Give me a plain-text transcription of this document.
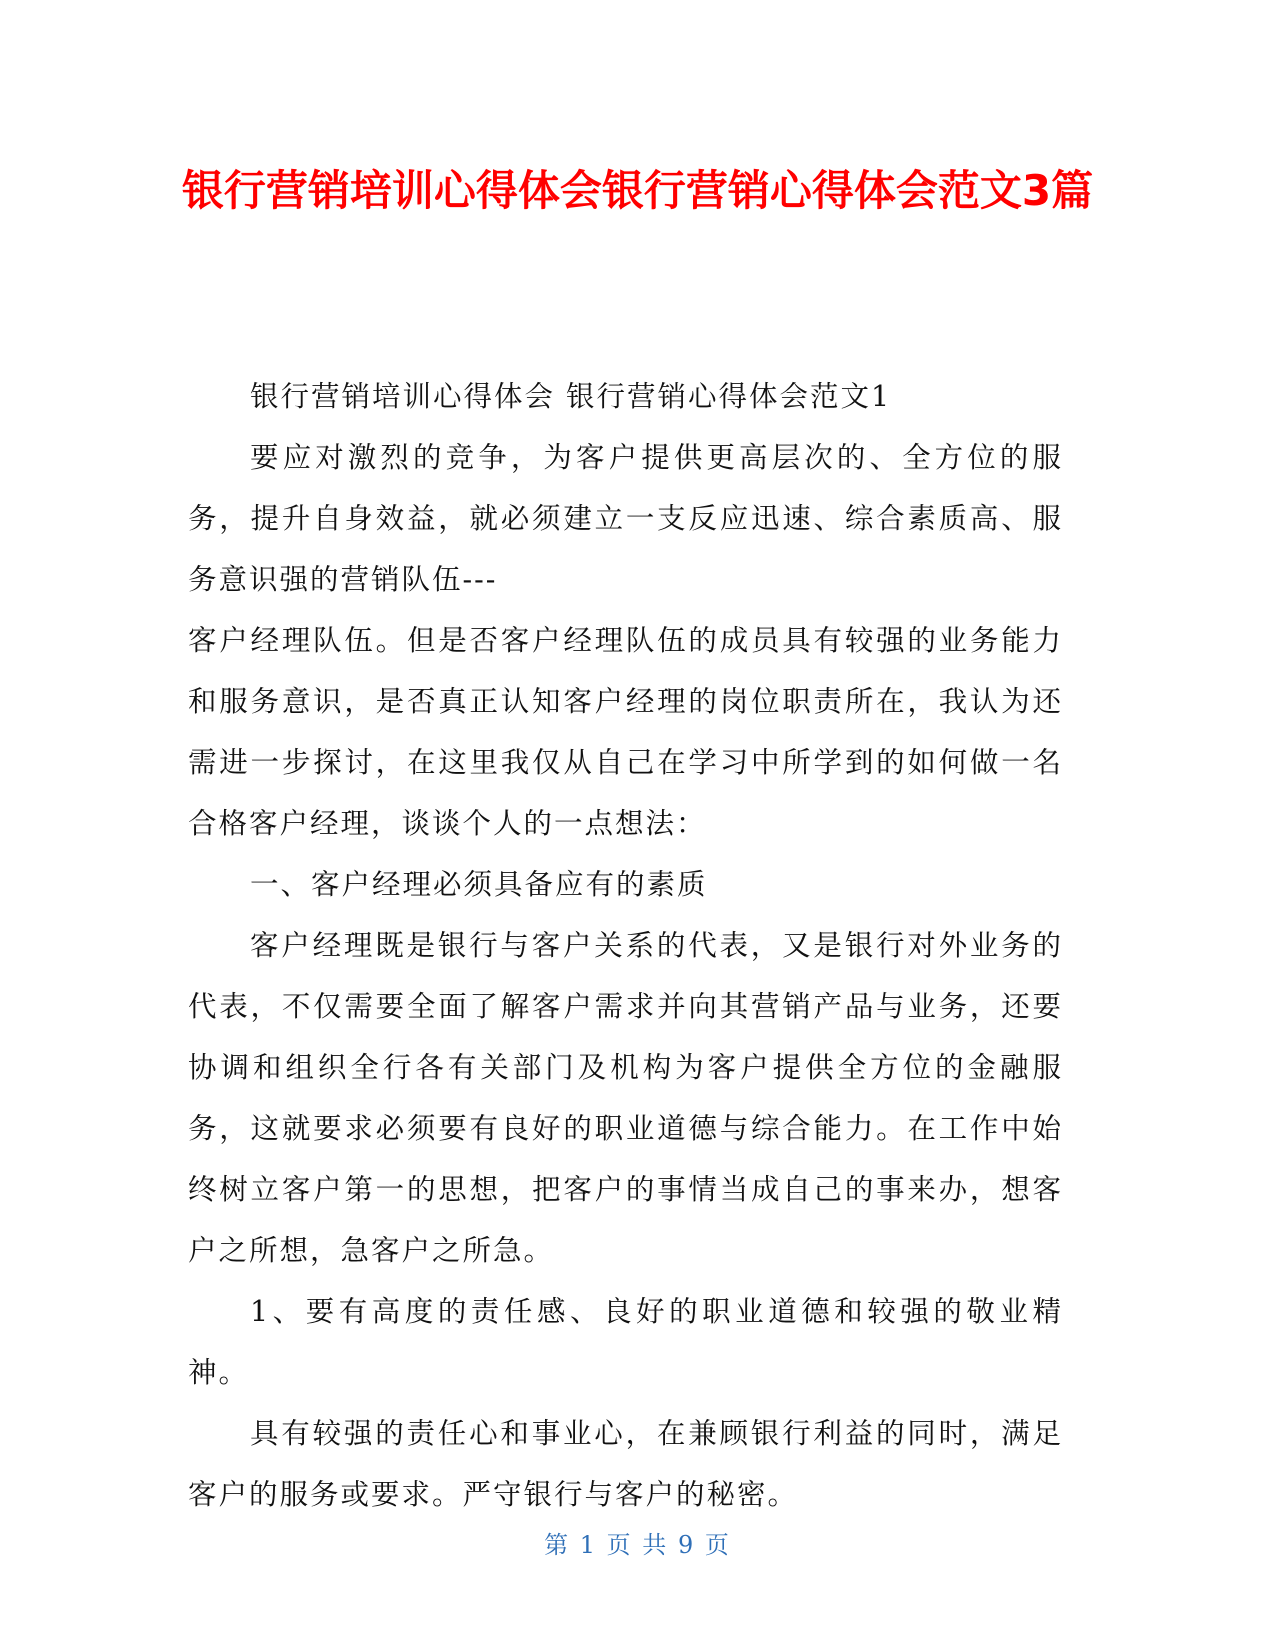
银行营销培训心得体会银行营销心得体会范文3篇

银行营销培训心得体会 银行营销心得体会范文1

要应对激烈的竞争，为客户提供更高层次的、全方位的服务，提升自身效益，就必须建立一支反应迅速、综合素质高、服务意识强的营销队伍---

客户经理队伍。但是否客户经理队伍的成员具有较强的业务能力和服务意识，是否真正认知客户经理的岗位职责所在，我认为还需进一步探讨，在这里我仅从自己在学习中所学到的如何做一名合格客户经理，谈谈个人的一点想法：

一、客户经理必须具备应有的素质

客户经理既是银行与客户关系的代表，又是银行对外业务的代表，不仅需要全面了解客户需求并向其营销产品与业务，还要协调和组织全行各有关部门及机构为客户提供全方位的金融服务，这就要求必须要有良好的职业道德与综合能力。在工作中始终树立客户第一的思想，把客户的事情当成自己的事来办，想客户之所想，急客户之所急。

1、要有高度的责任感、良好的职业道德和较强的敬业精神。

具有较强的责任心和事业心，在兼顾银行利益的同时，满足客户的服务或要求。严守银行与客户的秘密。

第 1 页 共 9 页
